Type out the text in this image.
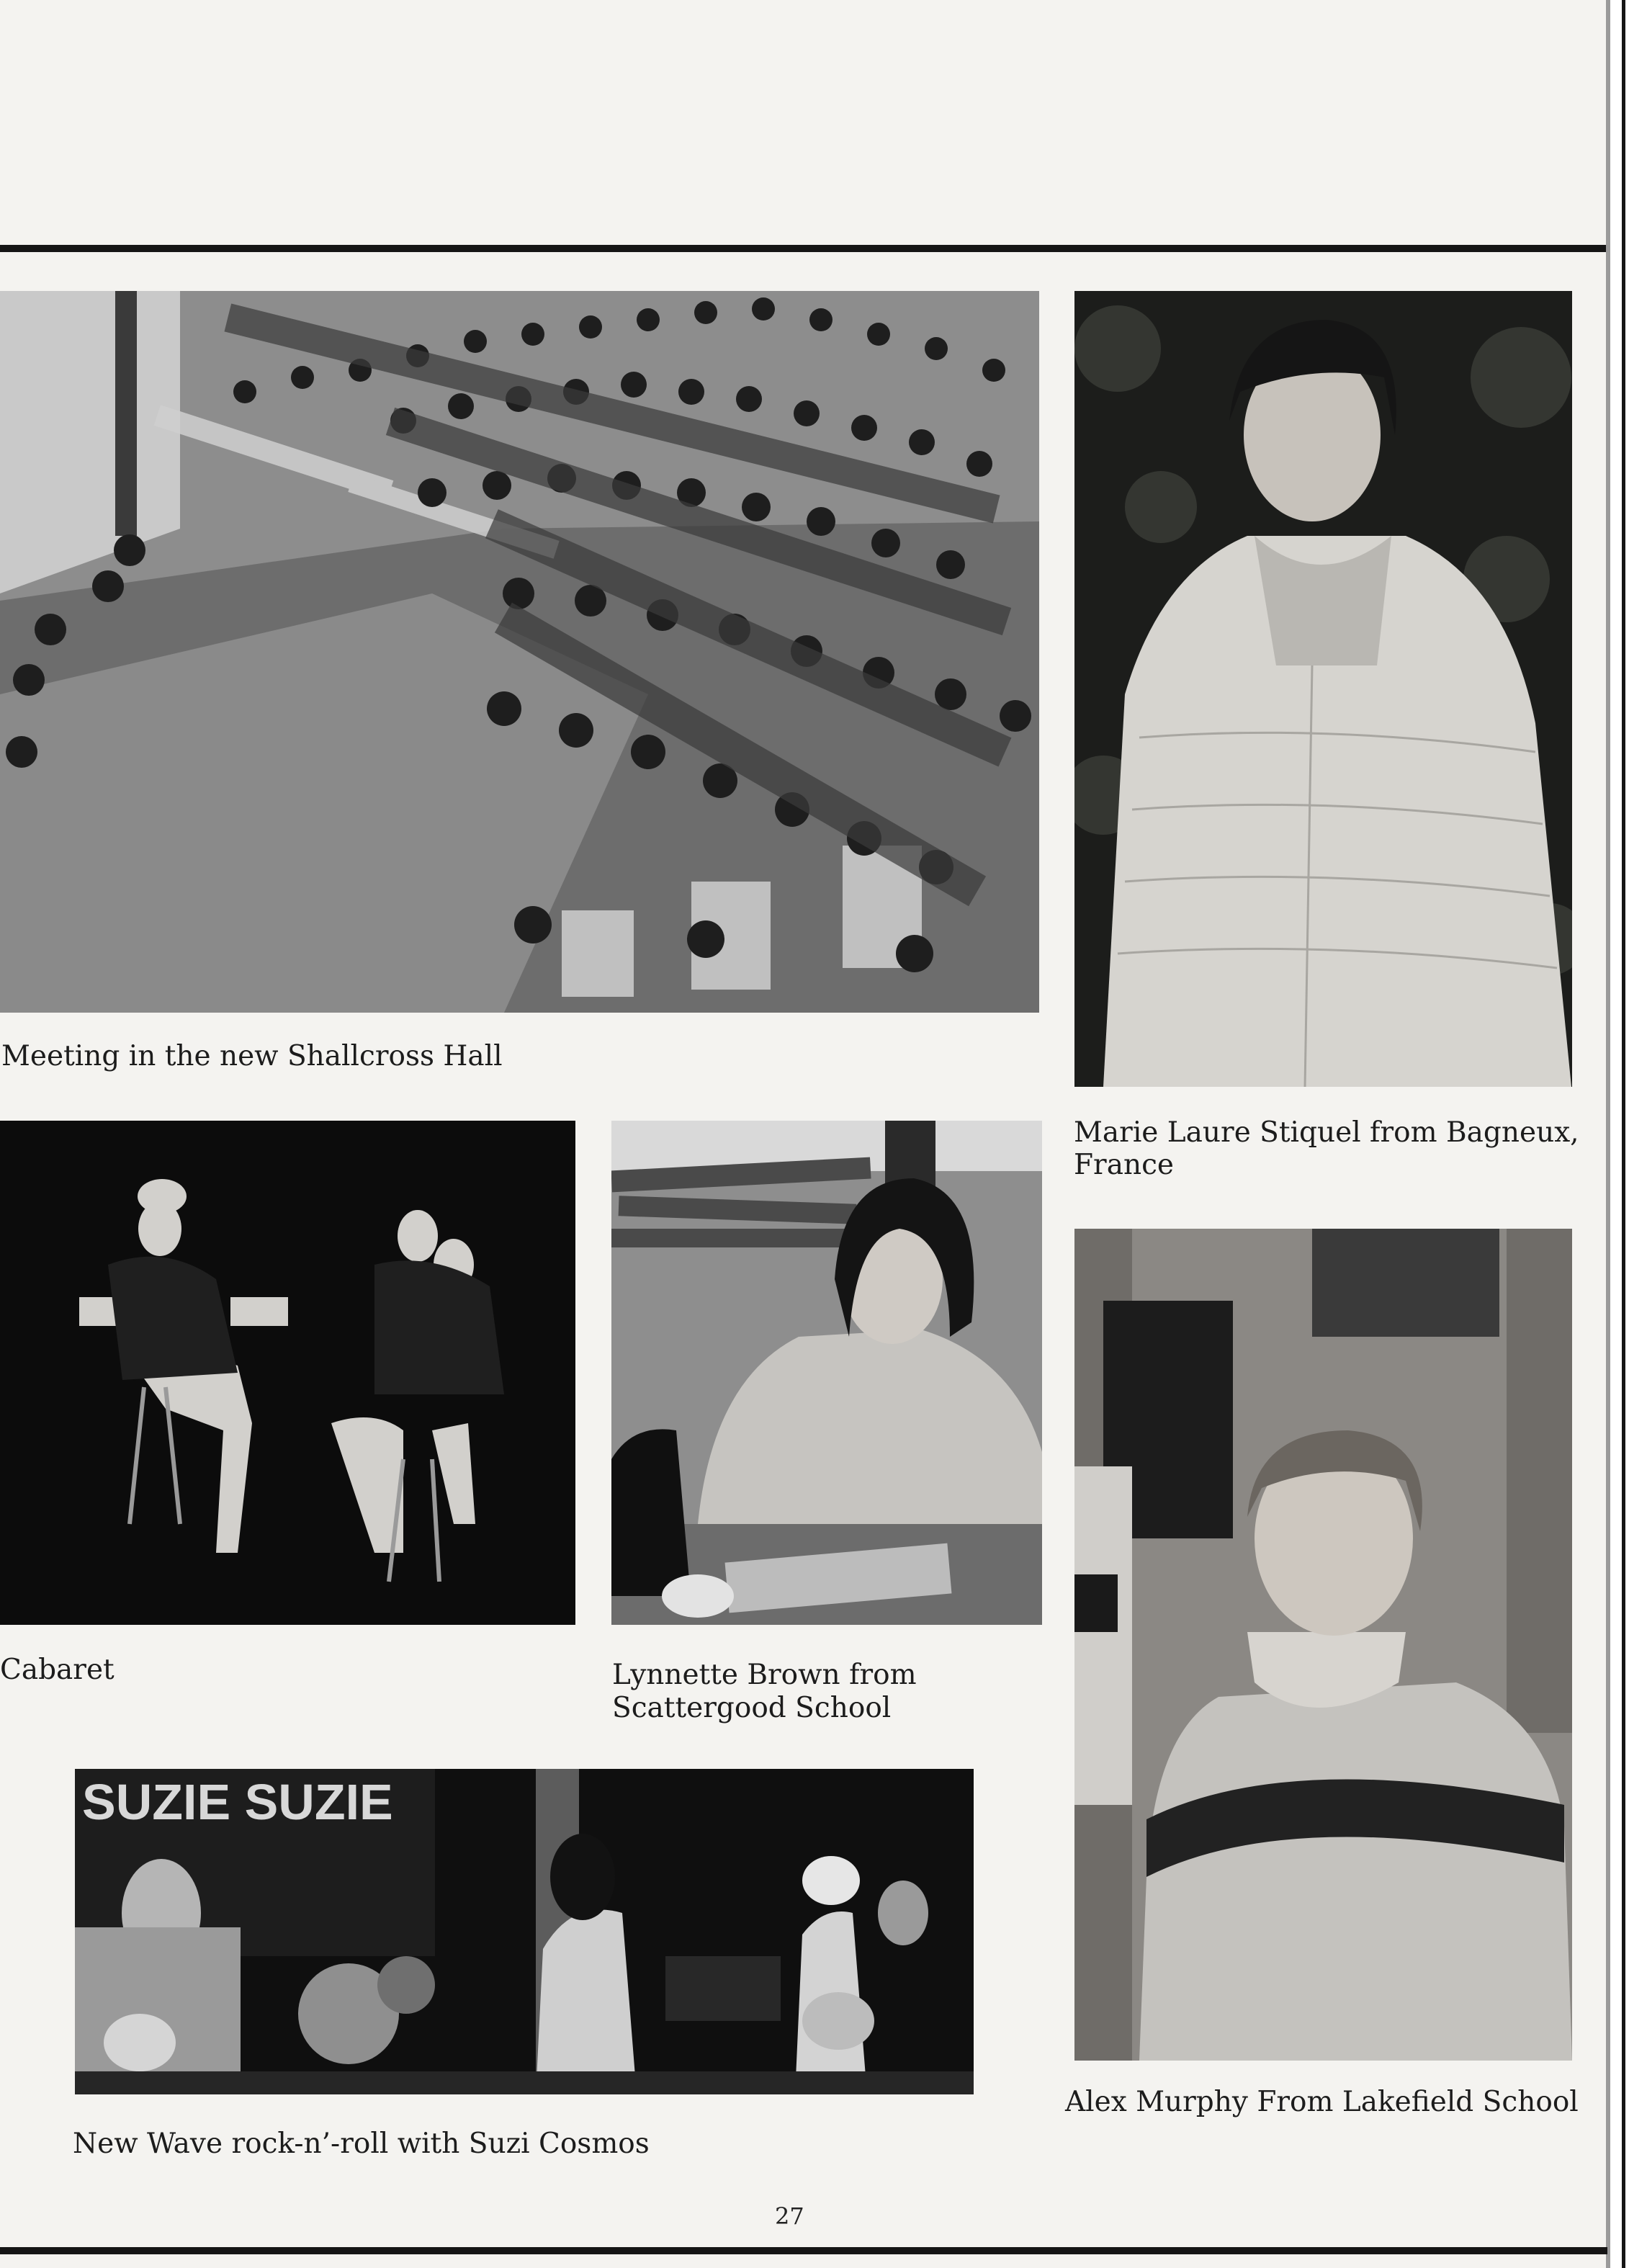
Meeting in the new Shallcross Hall
Marie Laure Stiquel from Bagneux,
France
Cabaret	Lynnette Brown from
Scattergood School
Alex Murphy From Lakefield School
SUZIE SUZIE
New Wave rock-n’-roll with Suzi Cosmos
27
